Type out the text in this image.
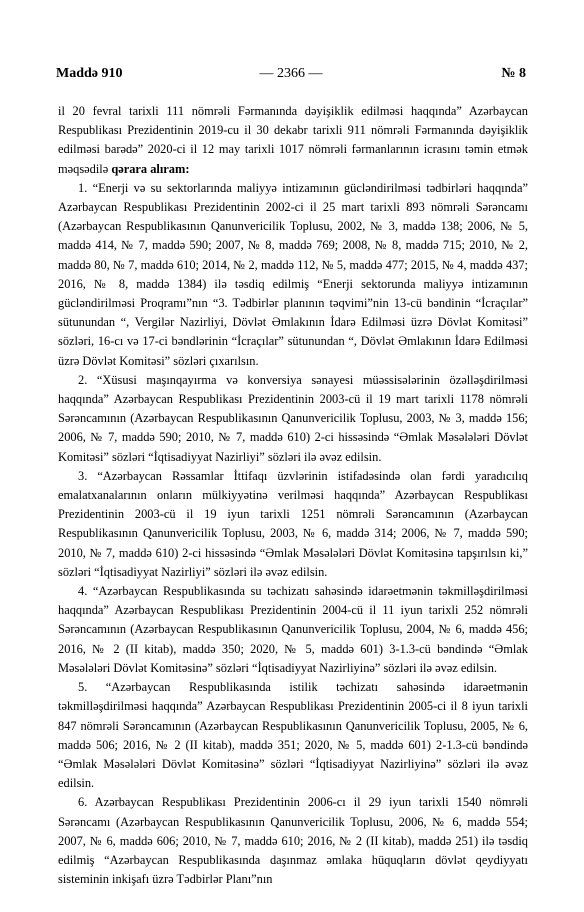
Maddə 910	— 2366 —	№ 8

il 20 fevral tarixli 111 nömrəli Fərmanında dəyişiklik edilməsi haqqında” Azərbaycan Respublikası Prezidentinin 2019-cu il 30 dekabr tarixli 911 nömrəli Fərmanında dəyişiklik edilməsi barədə” 2020-ci il 12 may tarixli 1017 nömrəli fərmanlarının icrasını təmin etmək məqsədilə qərara alıram:

1. “Enerji və su sektorlarında maliyyə intizamının gücləndirilməsi tədbirləri haqqında” Azərbaycan Respublikası Prezidentinin 2002-ci il 25 mart tarixli 893 nömrəli Sərəncamı (Azərbaycan Respublikasının Qanunvericilik Toplusu, 2002, № 3, maddə 138; 2006, № 5, maddə 414, № 7, maddə 590; 2007, № 8, maddə 769; 2008, № 8, maddə 715; 2010, № 2, maddə 80, № 7, maddə 610; 2014, № 2, maddə 112, № 5, maddə 477; 2015, № 4, maddə 437; 2016, № 8, maddə 1384) ilə təsdiq edilmiş “Enerji sektorunda maliyyə intizamının gücləndirilməsi Proqramı”nın “3. Tədbirlər planının təqvimi”nin 13-cü bəndinin “İcraçılar” sütunundan “, Vergilər Nazirliyi, Dövlət Əmlakının İdarə Edilməsi üzrə Dövlət Komitəsi” sözləri, 16-cı və 17-ci bəndlərinin “İcraçılar” sütunundan “, Dövlət Əmlakının İdarə Edilməsi üzrə Dövlət Komitəsi” sözləri çıxarılsın.

2. “Xüsusi maşınqayırma və konversiya sənayesi müəssisələrinin özəlləşdirilməsi haqqında” Azərbaycan Respublikası Prezidentinin 2003-cü il 19 mart tarixli 1178 nömrəli Sərəncamının (Azərbaycan Respublikasının Qanunvericilik Toplusu, 2003, № 3, maddə 156; 2006, № 7, maddə 590; 2010, № 7, maddə 610) 2-ci hissəsində “Əmlak Məsələləri Dövlət Komitəsi” sözləri “İqtisadiyyat Nazirliyi” sözləri ilə əvəz edilsin.

3. “Azərbaycan Rəssamlar İttifaqı üzvlərinin istifadəsində olan fərdi yaradıcılıq emalatxanalarının onların mülkiyyətinə verilməsi haqqında” Azərbaycan Respublikası Prezidentinin 2003-cü il 19 iyun tarixli 1251 nömrəli Sərəncamının (Azərbaycan Respublikasının Qanunvericilik Toplusu, 2003, № 6, maddə 314; 2006, № 7, maddə 590; 2010, № 7, maddə 610) 2-ci hissəsində “Əmlak Məsələləri Dövlət Komitəsinə tapşırılsın ki,” sözləri “İqtisadiyyat Nazirliyi” sözləri ilə əvəz edilsin.

4. “Azərbaycan Respublikasında su təchizatı sahəsində idarəetmənin təkmilləşdirilməsi haqqında” Azərbaycan Respublikası Prezidentinin 2004-cü il 11 iyun tarixli 252 nömrəli Sərəncamının (Azərbaycan Respublikasının Qanunvericilik Toplusu, 2004, № 6, maddə 456; 2016, № 2 (II kitab), maddə 350; 2020, № 5, maddə 601) 3-1.3-cü bəndində “Əmlak Məsələləri Dövlət Komitəsinə” sözləri “İqtisadiyyat Nazirliyinə” sözləri ilə əvəz edilsin.

5. “Azərbaycan Respublikasında istilik təchizatı sahəsində idarəetmənin təkmilləşdirilməsi haqqında” Azərbaycan Respublikası Prezidentinin 2005-ci il 8 iyun tarixli 847 nömrəli Sərəncamının (Azərbaycan Respublikasının Qanunvericilik Toplusu, 2005, № 6, maddə 506; 2016, № 2 (II kitab), maddə 351; 2020, № 5, maddə 601) 2-1.3-cü bəndində “Əmlak Məsələləri Dövlət Komitəsinə” sözləri “İqtisadiyyat Nazirliyinə” sözləri ilə əvəz edilsin.

6. Azərbaycan Respublikası Prezidentinin 2006-cı il 29 iyun tarixli 1540 nömrəli Sərəncamı (Azərbaycan Respublikasının Qanunvericilik Toplusu, 2006, № 6, maddə 554; 2007, № 6, maddə 606; 2010, № 7, maddə 610; 2016, № 2 (II kitab), maddə 251) ilə təsdiq edilmiş “Azərbaycan Respublikasında daşınmaz əmlaka hüquqların dövlət qeydiyyatı sisteminin inkişafı üzrə Tədbirlər Planı”nın
